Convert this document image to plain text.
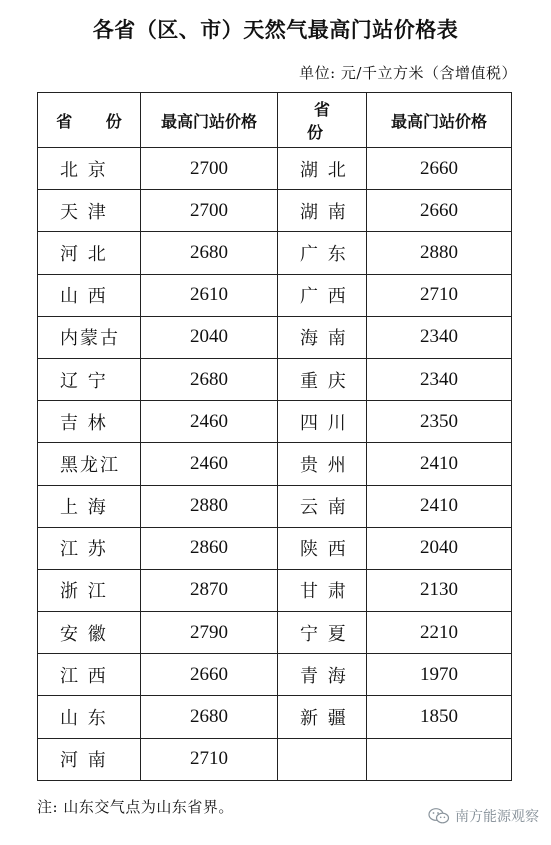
各省（区、市）天然气最高门站价格表
单位: 元/千立方米（含增值税）
省 份	最高门站价格	省 份	最高门站价格
北 京	2700	湖 北	2660
天 津	2700	湖 南	2660
河 北	2680	广 东	2880
山 西	2610	广 西	2710
内蒙古	2040	海 南	2340
辽 宁	2680	重 庆	2340
吉 林	2460	四 川	2350
黑龙江	2460	贵 州	2410
上 海	2880	云 南	2410
江 苏	2860	陕 西	2040
浙 江	2870	甘 肃	2130
安 徽	2790	宁 夏	2210
江 西	2660	青 海	1970
山 东	2680	新 疆	1850
河 南	2710		
注: 山东交气点为山东省界。
南方能源观察
